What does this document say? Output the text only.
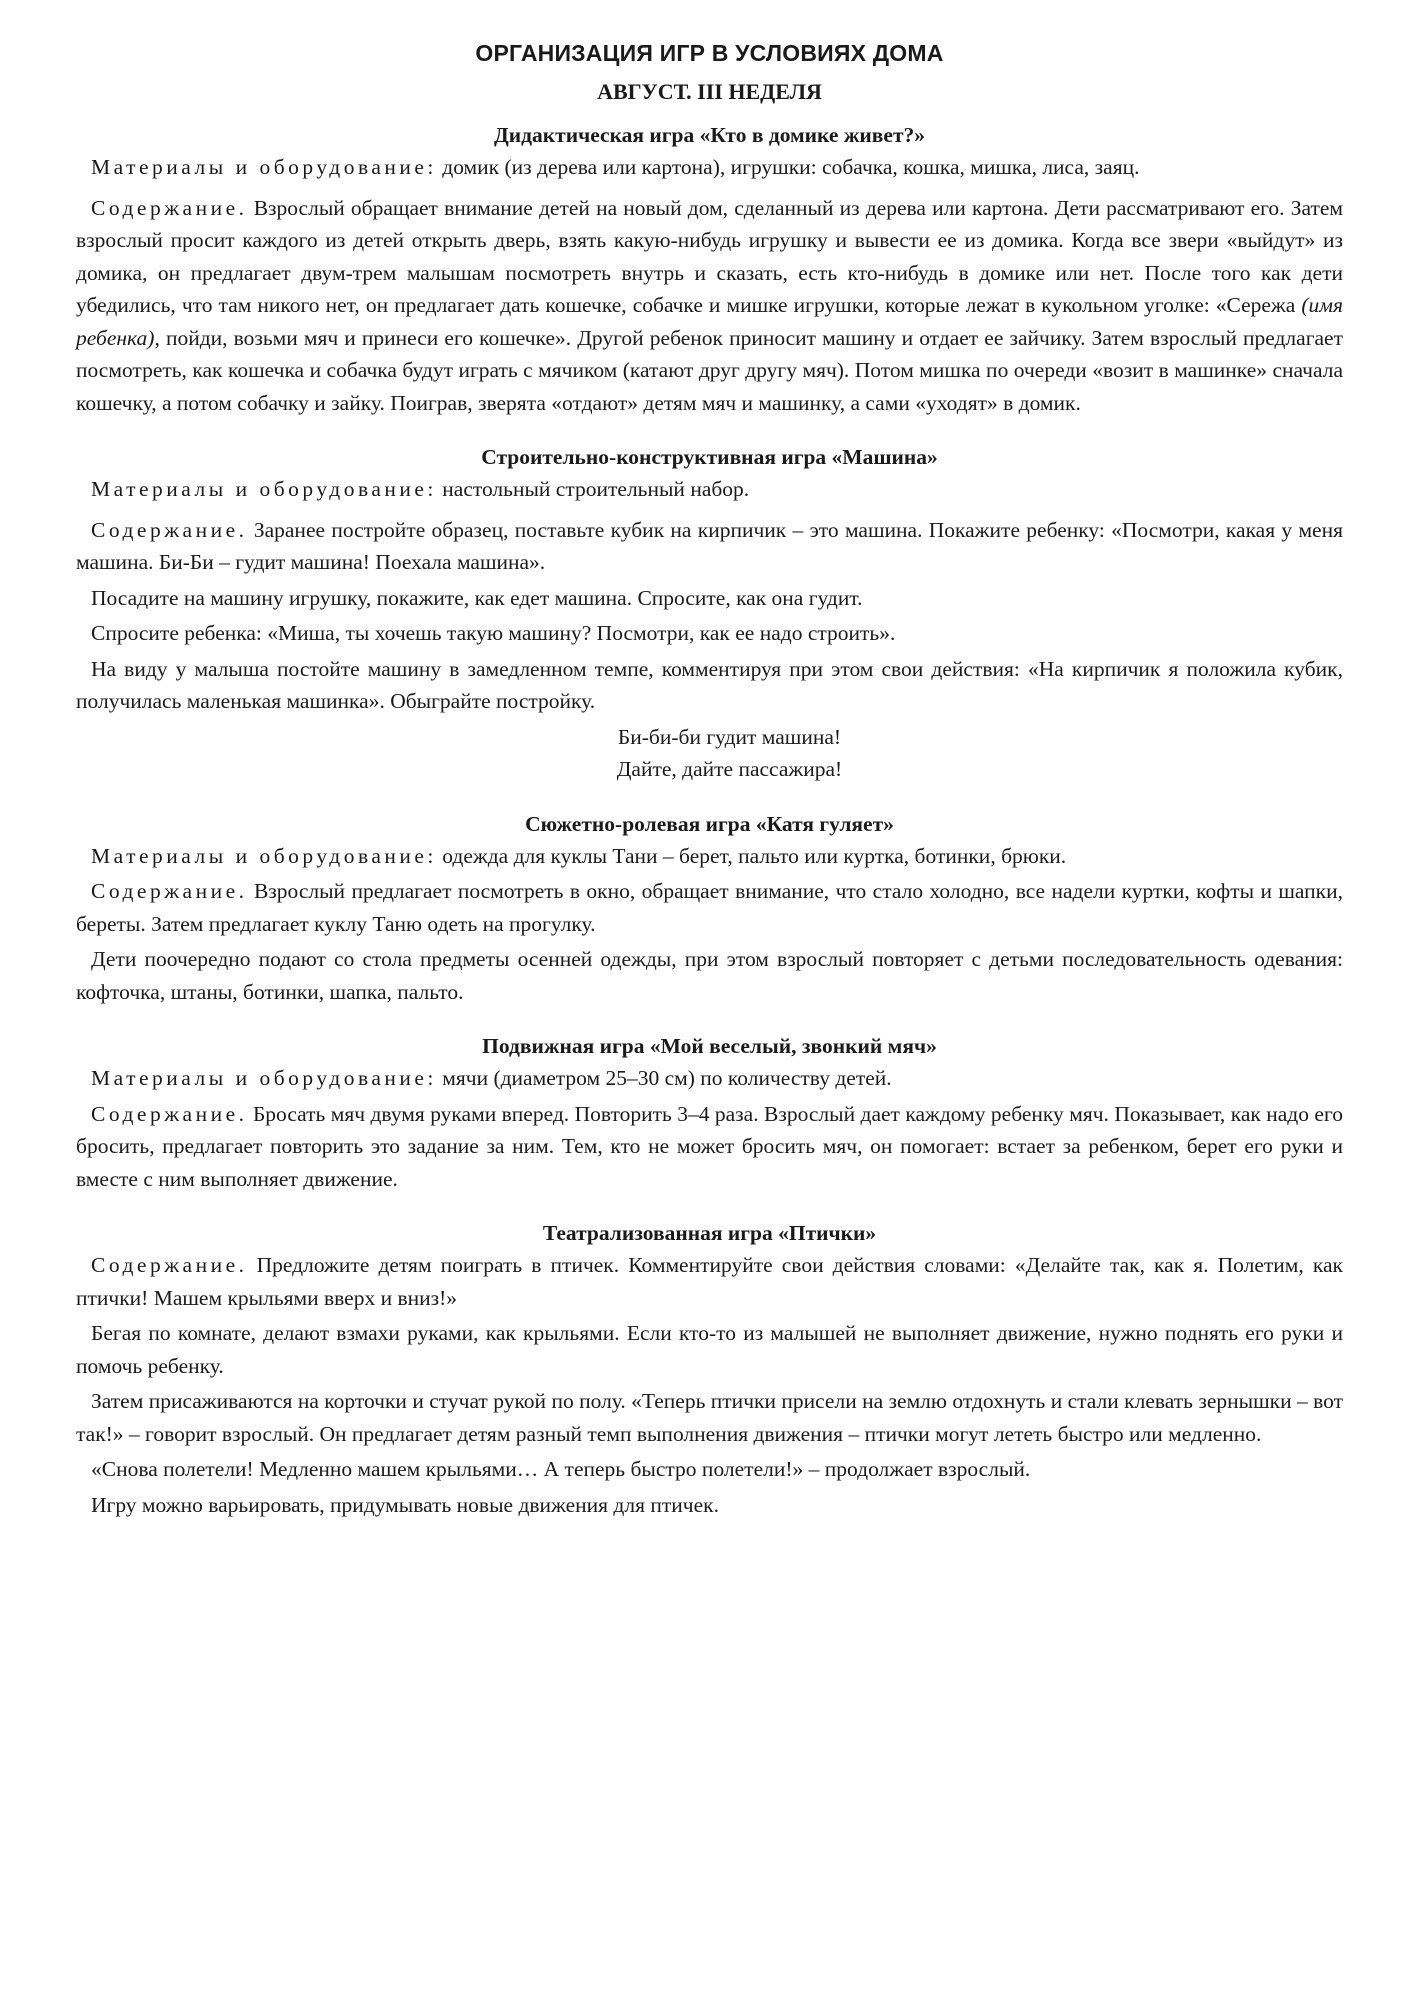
ОРГАНИЗАЦИЯ ИГР В УСЛОВИЯХ ДОМА
АВГУСТ. III НЕДЕЛЯ
Дидактическая игра «Кто в домике живет?»

Материалы и оборудование: домик (из дерева или картона), игрушки: собачка, кошка, мишка, лиса, заяц.

Содержание. Взрослый обращает внимание детей на новый дом, сделанный из дерева или картона. Дети рассматривают его. Затем взрослый просит каждого из детей открыть дверь, взять какую-нибудь игрушку и вывести ее из домика. Когда все звери «выйдут» из домика, он предлагает двум-трем малышам посмотреть внутрь и сказать, есть кто-нибудь в домике или нет. После того как дети убедились, что там никого нет, он предлагает дать кошечке, собачке и мишке игрушки, которые лежат в кукольном уголке: «Сережа (имя ребенка), пойди, возьми мяч и принеси его кошечке». Другой ребенок приносит машину и отдает ее зайчику. Затем взрослый предлагает посмотреть, как кошечка и собачка будут играть с мячиком (катают друг другу мяч). Потом мишка по очереди «возит в машинке» сначала кошечку, а потом собачку и зайку. Поиграв, зверята «отдают» детям мяч и машинку, а сами «уходят» в домик.

Строительно-конструктивная игра «Машина»

Материалы и оборудование: настольный строительный набор.

Содержание. Заранее постройте образец, поставьте кубик на кирпичик – это машина. Покажите ребенку: «Посмотри, какая у меня машина. Би-Би – гудит машина! Поехала машина».

Посадите на машину игрушку, покажите, как едет машина. Спросите, как она гудит.

Спросите ребенка: «Миша, ты хочешь такую машину? Посмотри, как ее надо строить».

На виду у малыша постойте машину в замедленном темпе, комментируя при этом свои действия: «На кирпичик я положила кубик, получилась маленькая машинка». Обыграйте постройку.

Би-би-би гудит машина!
Дайте, дайте пассажира!
Сюжетно-ролевая игра «Катя гуляет»

Материалы и оборудование: одежда для куклы Тани – берет, пальто или куртка, ботинки, брюки.

Содержание. Взрослый предлагает посмотреть в окно, обращает внимание, что стало холодно, все надели куртки, кофты и шапки, береты. Затем предлагает куклу Таню одеть на прогулку.

Дети поочередно подают со стола предметы осенней одежды, при этом взрослый повторяет с детьми последовательность одевания: кофточка, штаны, ботинки, шапка, пальто.

Подвижная игра «Мой веселый, звонкий мяч»

Материалы и оборудование: мячи (диаметром 25–30 см) по количеству детей.

Содержание. Бросать мяч двумя руками вперед. Повторить 3–4 раза. Взрослый дает каждому ребенку мяч. Показывает, как надо его бросить, предлагает повторить это задание за ним. Тем, кто не может бросить мяч, он помогает: встает за ребенком, берет его руки и вместе с ним выполняет движение.

Театрализованная игра «Птички»

Содержание. Предложите детям поиграть в птичек. Комментируйте свои действия словами: «Делайте так, как я. Полетим, как птички! Машем крыльями вверх и вниз!»

Бегая по комнате, делают взмахи руками, как крыльями. Если кто-то из малышей не выполняет движение, нужно поднять его руки и помочь ребенку.

Затем присаживаются на корточки и стучат рукой по полу. «Теперь птички присели на землю отдохнуть и стали клевать зернышки – вот так!» – говорит взрослый. Он предлагает детям разный темп выполнения движения – птички могут лететь быстро или медленно.

«Снова полетели! Медленно машем крыльями… А теперь быстро полетели!» – продолжает взрослый.

Игру можно варьировать, придумывать новые движения для птичек.
